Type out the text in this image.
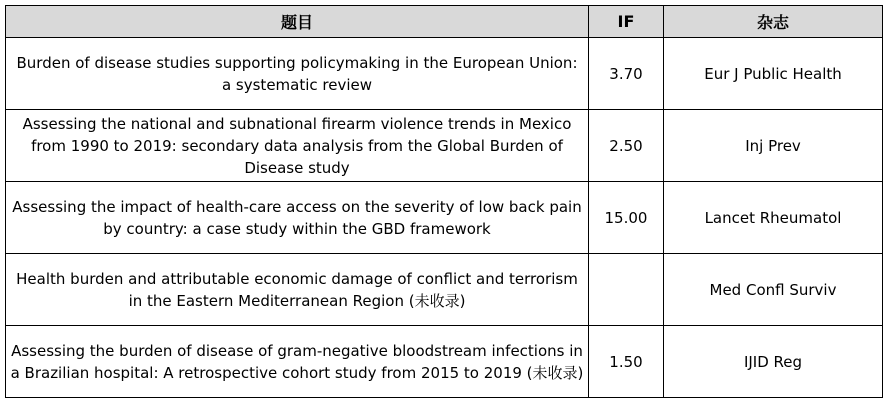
题目	IF	杂志
Burden of disease studies supporting policymaking in the European Union: a systematic review	3.70	Eur J Public Health
Assessing the national and subnational firearm violence trends in Mexico from 1990 to 2019: secondary data analysis from the Global Burden of Disease study	2.50	Inj Prev
Assessing the impact of health-care access on the severity of low back pain by country: a case study within the GBD framework	15.00	Lancet Rheumatol
Health burden and attributable economic damage of conflict and terrorism in the Eastern Mediterranean Region (未收录)		Med Confl Surviv
Assessing the burden of disease of gram-negative bloodstream infections in a Brazilian hospital: A retrospective cohort study from 2015 to 2019 (未收录)	1.50	IJID Reg
